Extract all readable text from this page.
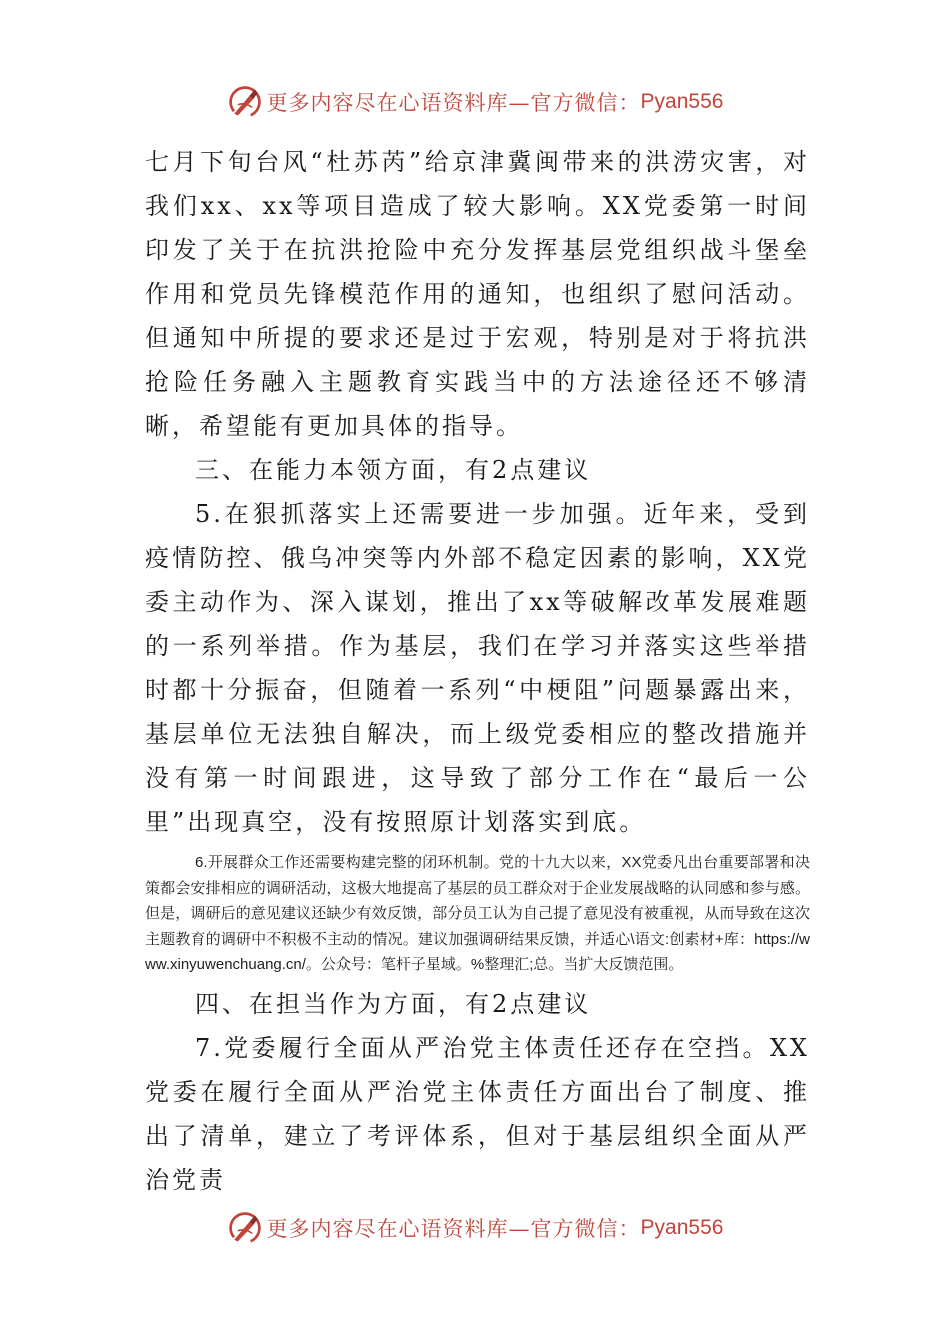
更多内容尽在心语资料库—官方微信： Pyan556

七月下旬台风“杜苏芮”给京津冀闽带来的洪涝灾害，对我们xx、xx等项目造成了较大影响。XX党委第一时间印发了关于在抗洪抢险中充分发挥基层党组织战斗堡垒作用和党员先锋模范作用的通知，也组织了慰问活动。但通知中所提的要求还是过于宏观，特别是对于将抗洪抢险任务融入主题教育实践当中的方法途径还不够清晰，希望能有更加具体的指导。

三、在能力本领方面，有2点建议

5.在狠抓落实上还需要进一步加强。近年来，受到疫情防控、俄乌冲突等内外部不稳定因素的影响，XX党委主动作为、深入谋划，推出了xx等破解改革发展难题的一系列举措。作为基层，我们在学习并落实这些举措时都十分振奋，但随着一系列“中梗阻”问题暴露出来，基层单位无法独自解决，而上级党委相应的整改措施并没有第一时间跟进，这导致了部分工作在“最后一公里”出现真空，没有按照原计划落实到底。

6.开展群众工作还需要构建完整的闭环机制。党的十九大以来，XX党委凡出台重要部署和决策都会安排相应的调研活动，这极大地提高了基层的员工群众对于企业发展战略的认同感和参与感。但是，调研后的意见建议还缺少有效反馈，部分员工认为自己提了意见没有被重视，从而导致在这次主题教育的调研中不积极不主动的情况。建议加强调研结果反馈，并适心\语文:创素材+库：https://www.xinyuwenchuang.cn/。公众号：笔杆子星域。%整理汇;总。当扩大反馈范围。

四、在担当作为方面，有2点建议

7.党委履行全面从严治党主体责任还存在空挡。XX党委在履行全面从严治党主体责任方面出台了制度、推出了清单，建立了考评体系，但对于基层组织全面从严治党责

更多内容尽在心语资料库—官方微信： Pyan556
